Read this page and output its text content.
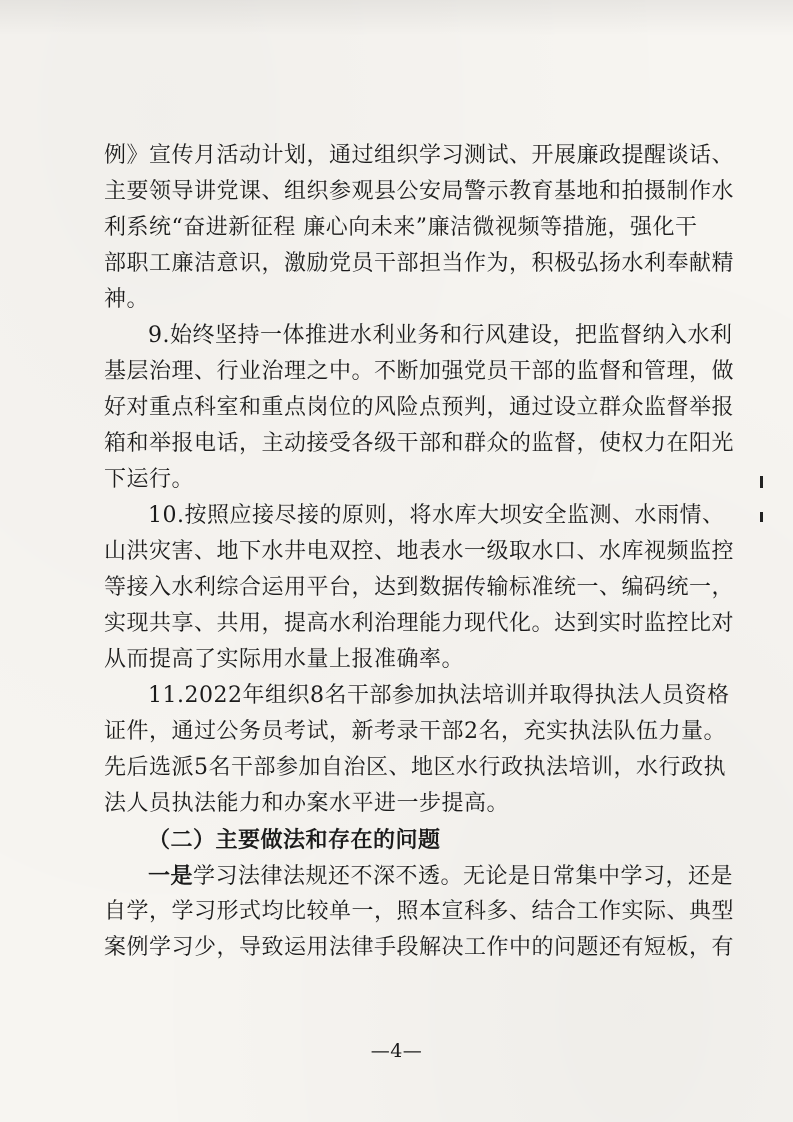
例》宣传月活动计划，通过组织学习测试、开展廉政提醒谈话、
主要领导讲党课、组织参观县公安局警示教育基地和拍摄制作水
利系统“奋进新征程 廉心向未来”廉洁微视频等措施，强化干
部职工廉洁意识，激励党员干部担当作为，积极弘扬水利奉献精
神。
9.始终坚持一体推进水利业务和行风建设，把监督纳入水利
基层治理、行业治理之中。不断加强党员干部的监督和管理，做
好对重点科室和重点岗位的风险点预判，通过设立群众监督举报
箱和举报电话，主动接受各级干部和群众的监督，使权力在阳光
下运行。
10.按照应接尽接的原则，将水库大坝安全监测、水雨情、
山洪灾害、地下水井电双控、地表水一级取水口、水库视频监控
等接入水利综合运用平台，达到数据传输标准统一、编码统一，
实现共享、共用，提高水利治理能力现代化。达到实时监控比对
从而提高了实际用水量上报准确率。
11.2022年组织8名干部参加执法培训并取得执法人员资格
证件，通过公务员考试，新考录干部2名，充实执法队伍力量。
先后选派5名干部参加自治区、地区水行政执法培训，水行政执
法人员执法能力和办案水平进一步提高。
（二）主要做法和存在的问题
一是学习法律法规还不深不透。无论是日常集中学习，还是
自学，学习形式均比较单一，照本宣科多、结合工作实际、典型
案例学习少，导致运用法律手段解决工作中的问题还有短板，有
—4—
